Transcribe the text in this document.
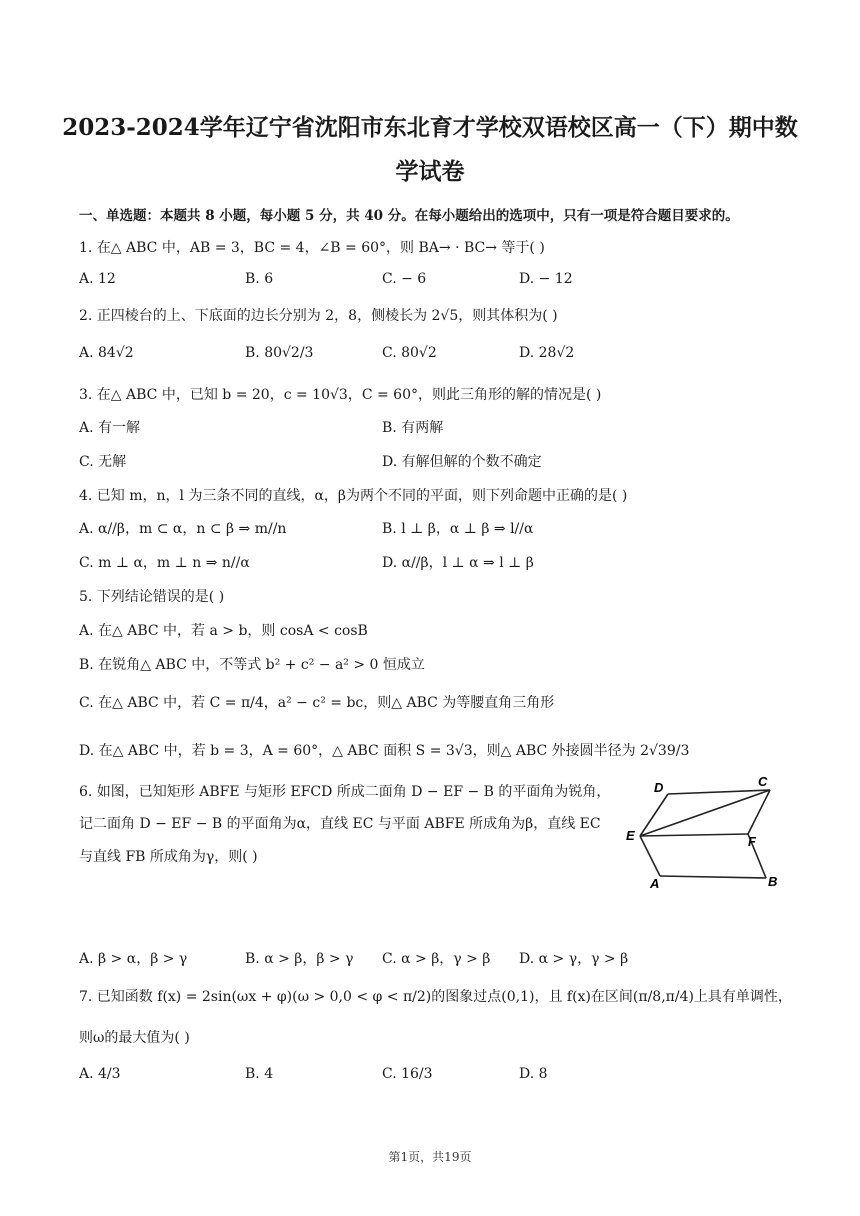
2023-2024学年辽宁省沈阳市东北育才学校双语校区高一（下）期中数
学试卷
一、单选题：本题共 8 小题，每小题 5 分，共 40 分。在每小题给出的选项中，只有一项是符合题目要求的。
1. 在△ ABC 中，AB = 3，BC = 4，∠B = 60°，则 BA→ · BC→ 等于( )
A. 12	B. 6	C. − 6	D. − 12
2. 正四棱台的上、下底面的边长分别为 2，8，侧棱长为 2√5，则其体积为( )
A. 84√2	B. 80√2/3	C. 80√2	D. 28√2
3. 在△ ABC 中，已知 b = 20，c = 10√3，C = 60°，则此三角形的解的情况是( )
A. 有一解	B. 有两解
C. 无解	D. 有解但解的个数不确定
4. 已知 m，n，l 为三条不同的直线，α，β为两个不同的平面，则下列命题中正确的是( )
A. α//β，m ⊂ α，n ⊂ β ⇒ m//n	B. l ⊥ β，α ⊥ β ⇒ l//α
C. m ⊥ α，m ⊥ n ⇒ n//α	D. α//β，l ⊥ α ⇒ l ⊥ β
5. 下列结论错误的是( )
A. 在△ ABC 中，若 a > b，则 cosA < cosB
B. 在锐角△ ABC 中，不等式 b² + c² − a² > 0 恒成立
C. 在△ ABC 中，若 C = π/4，a² − c² = bc，则△ ABC 为等腰直角三角形
D. 在△ ABC 中，若 b = 3，A = 60°，△ ABC 面积 S = 3√3，则△ ABC 外接圆半径为 2√39/3
6. 如图，已知矩形 ABFE 与矩形 EFCD 所成二面角 D − EF − B 的平面角为锐角，
记二面角 D − EF − B 的平面角为α，直线 EC 与平面 ABFE 所成角为β，直线 EC
与直线 FB 所成角为γ，则( )
D	C
E	F
A	B
A. β > α，β > γ	B. α > β，β > γ C. α > β，γ > β D. α > γ，γ > β
7. 已知函数 f(x) = 2sin(ωx + φ)(ω > 0,0 < φ < π/2)的图象过点(0,1)，且 f(x)在区间(π/8,π/4)上具有单调性，
则ω的最大值为( )
A. 4/3	B. 4	C. 16/3	D. 8
第1页，共19页
